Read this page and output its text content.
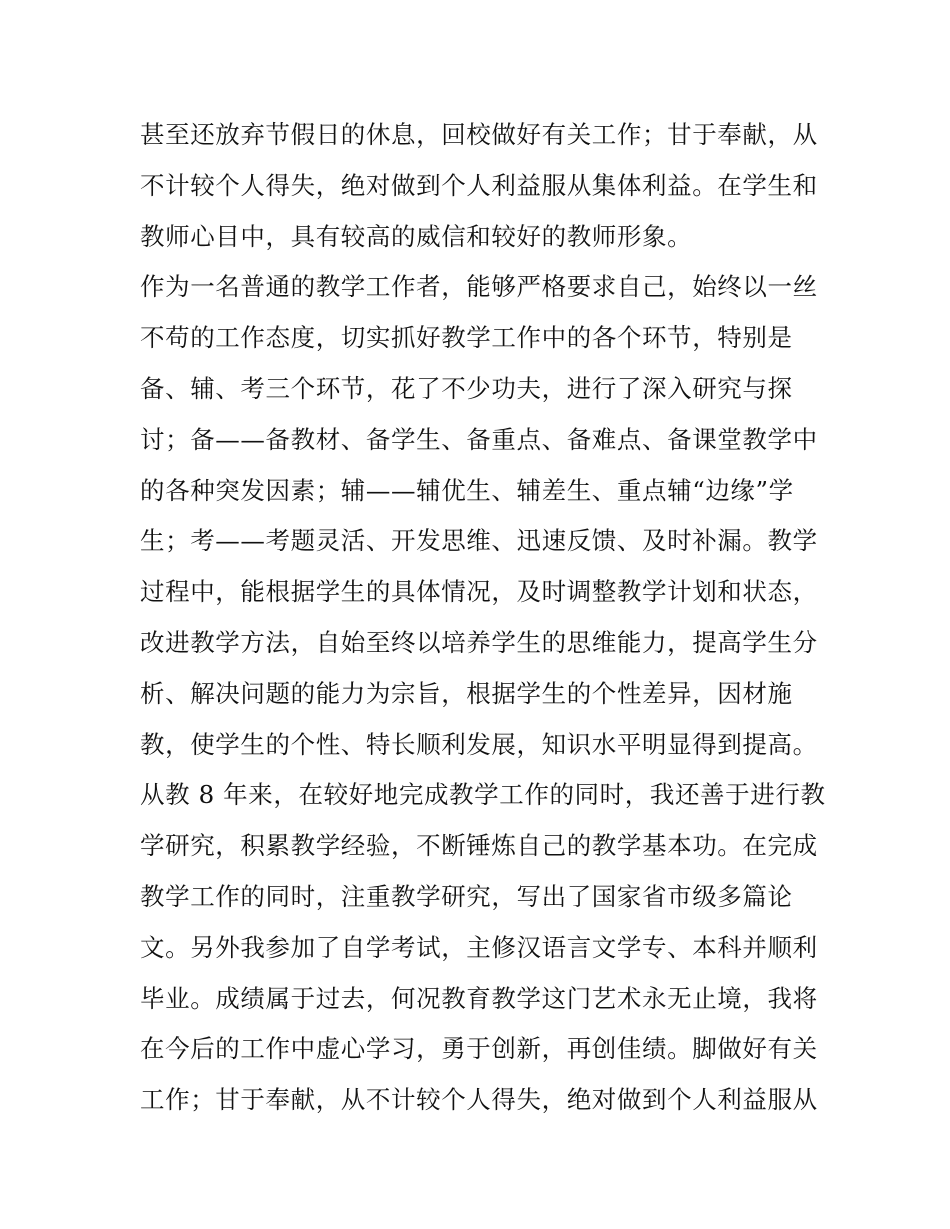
甚至还放弃节假日的休息，回校做好有关工作；甘于奉献，从
不计较个人得失，绝对做到个人利益服从集体利益。在学生和
教师心目中，具有较高的威信和较好的教师形象。
作为一名普通的教学工作者，能够严格要求自己，始终以一丝
不苟的工作态度，切实抓好教学工作中的各个环节，特别是
备、辅、考三个环节，花了不少功夫，进行了深入研究与探
讨；备——备教材、备学生、备重点、备难点、备课堂教学中
的各种突发因素；辅——辅优生、辅差生、重点辅“边缘”学
生；考——考题灵活、开发思维、迅速反馈、及时补漏。教学
过程中，能根据学生的具体情况，及时调整教学计划和状态，
改进教学方法，自始至终以培养学生的思维能力，提高学生分
析、解决问题的能力为宗旨，根据学生的个性差异，因材施
教，使学生的个性、特长顺利发展，知识水平明显得到提高。
从教 8 年来，在较好地完成教学工作的同时，我还善于进行教
学研究，积累教学经验，不断锤炼自己的教学基本功。在完成
教学工作的同时，注重教学研究，写出了国家省市级多篇论
文。另外我参加了自学考试，主修汉语言文学专、本科并顺利
毕业。成绩属于过去，何况教育教学这门艺术永无止境，我将
在今后的工作中虚心学习，勇于创新，再创佳绩。脚做好有关
工作；甘于奉献，从不计较个人得失，绝对做到个人利益服从
